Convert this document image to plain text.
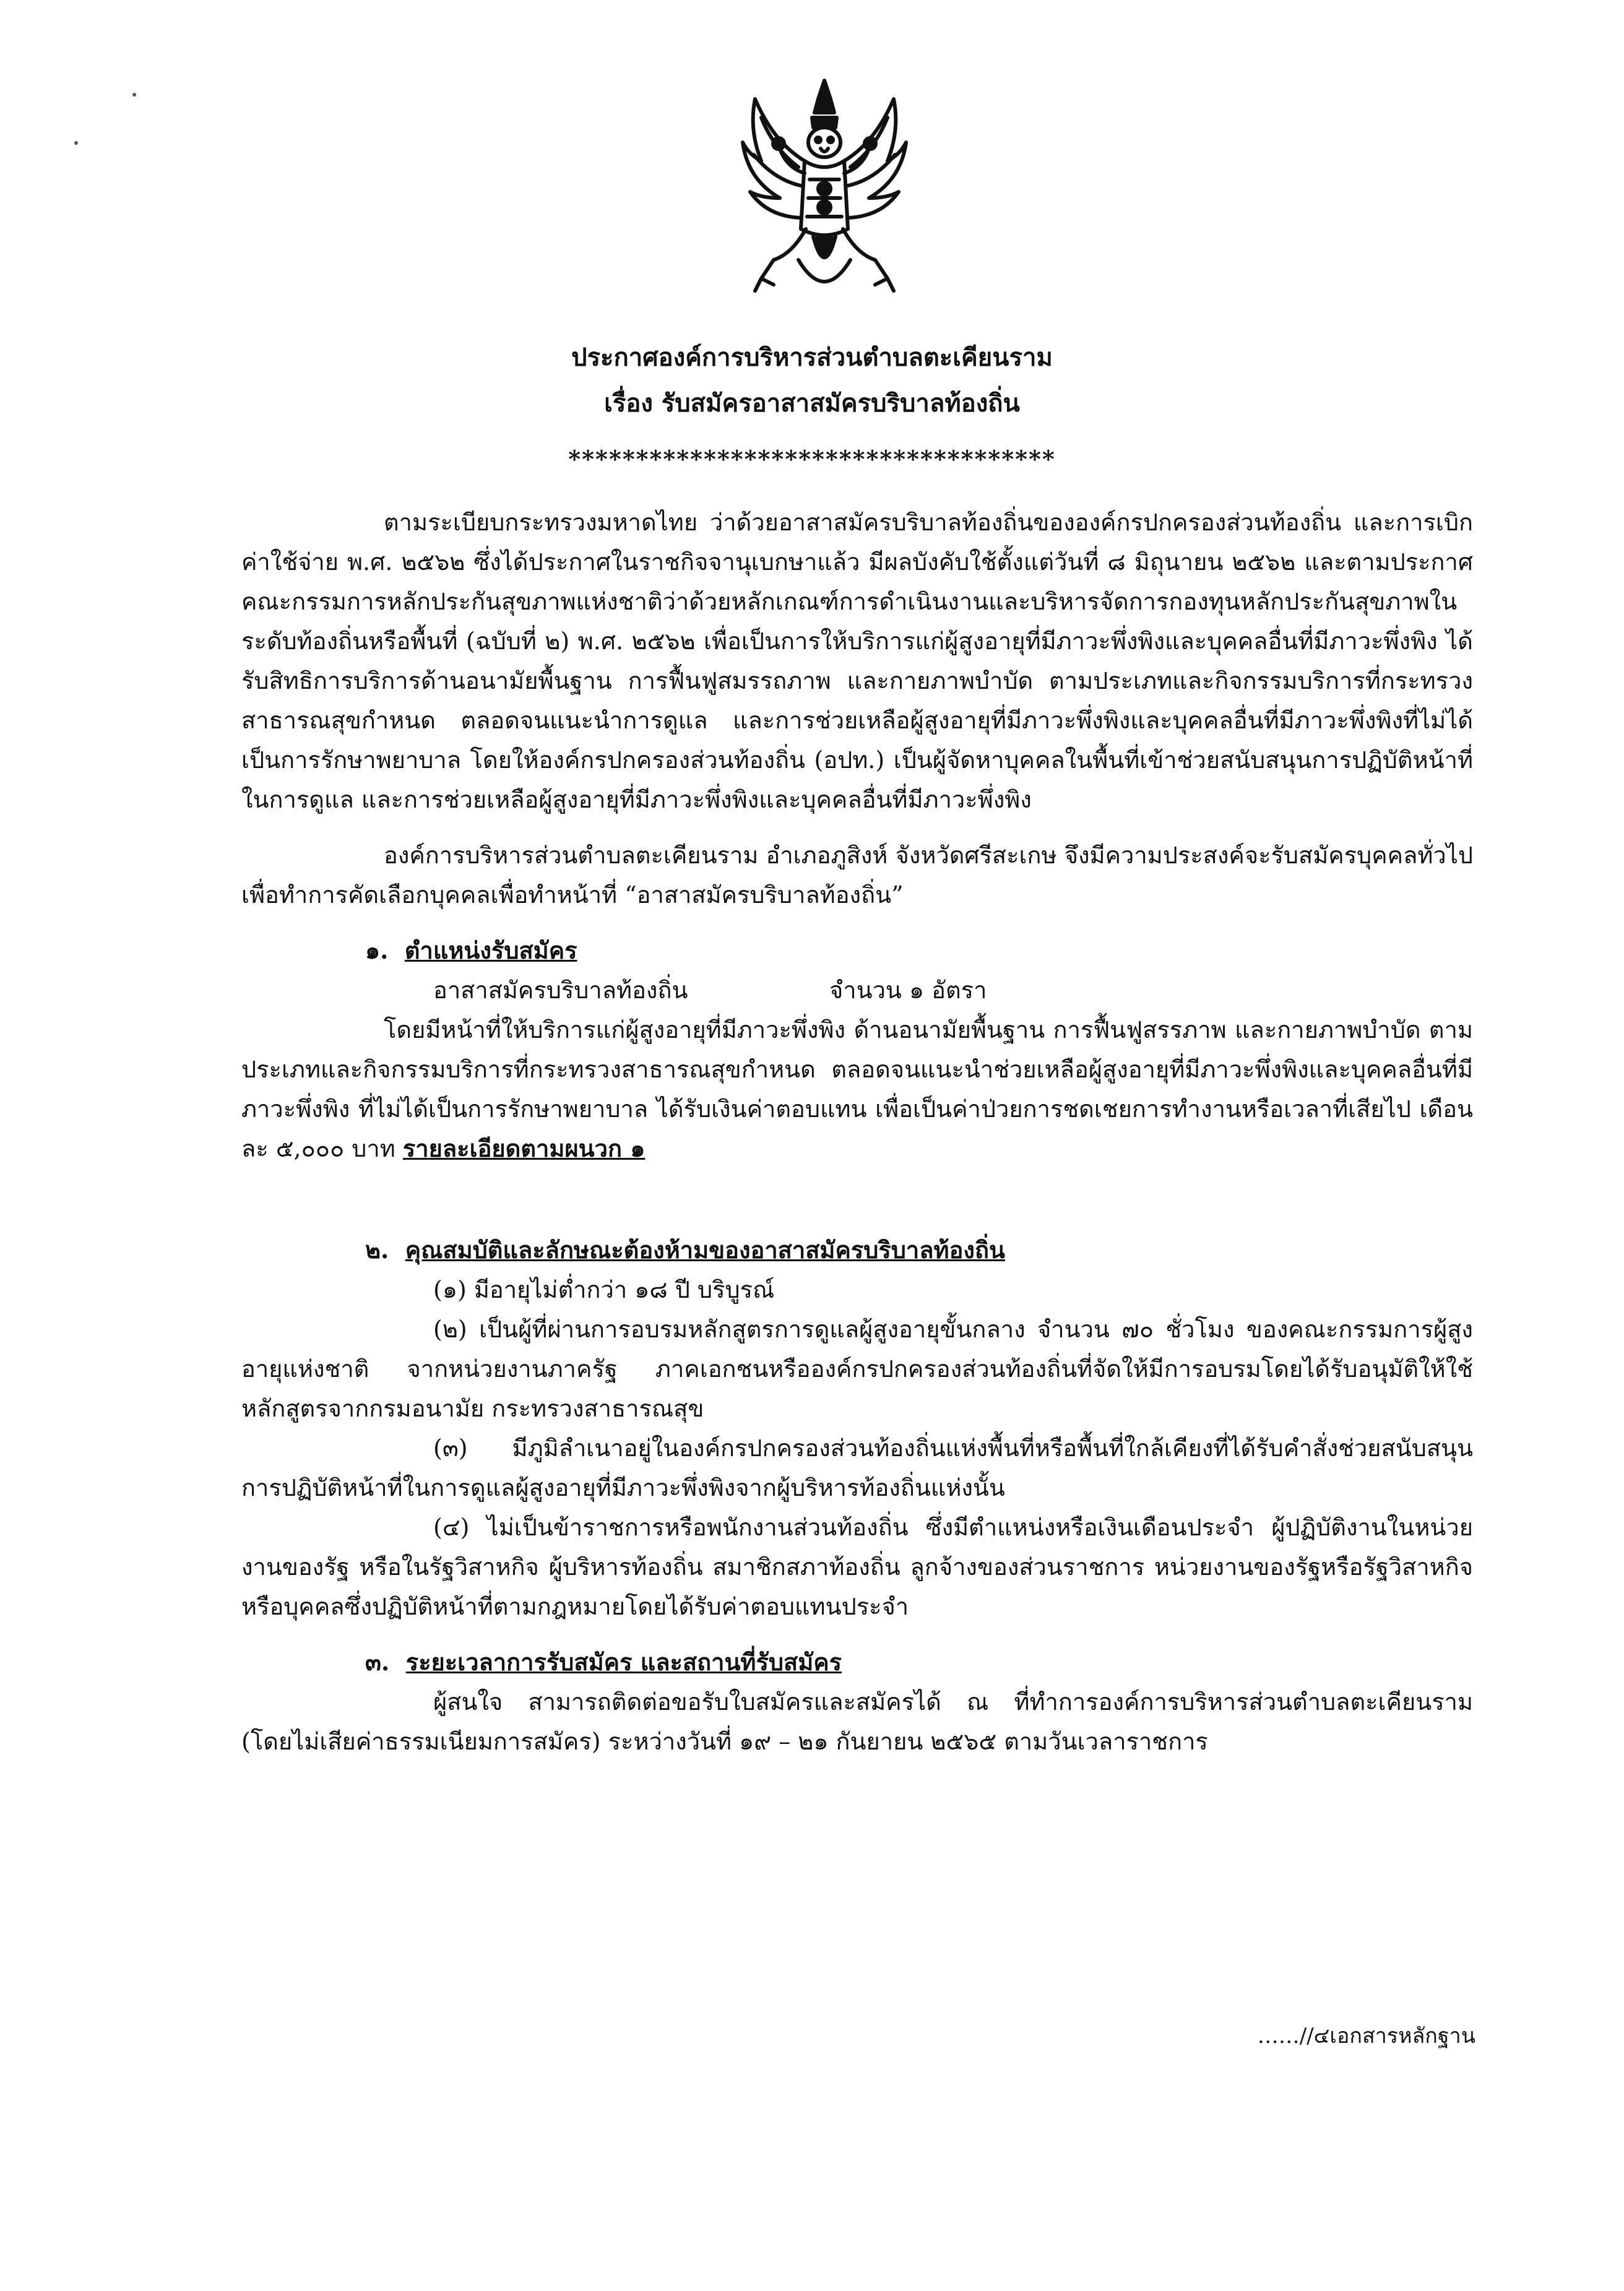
ประกาศองค์การบริหารส่วนตำบลตะเคียนราม
เรื่อง รับสมัครอาสาสมัครบริบาลท้องถิ่น
************************************

ตามระเบียบกระทรวงมหาดไทย ว่าด้วยอาสาสมัครบริบาลท้องถิ่นขององค์กรปกครองส่วนท้องถิ่น และการเบิกค่าใช้จ่าย พ.ศ. ๒๕๖๒ ซึ่งได้ประกาศในราชกิจจานุเบกษาแล้ว มีผลบังคับใช้ตั้งแต่วันที่ ๘ มิถุนายน ๒๕๖๒ และตามประกาศคณะกรรมการหลักประกันสุขภาพแห่งชาติว่าด้วยหลักเกณฑ์การดำเนินงานและบริหารจัดการกองทุนหลักประกันสุขภาพในระดับท้องถิ่นหรือพื้นที่ (ฉบับที่ ๒) พ.ศ. ๒๕๖๒ เพื่อเป็นการให้บริการแก่ผู้สูงอายุที่มีภาวะพึ่งพิงและบุคคลอื่นที่มีภาวะพึ่งพิง ได้รับสิทธิการบริการด้านอนามัยพื้นฐาน การฟื้นฟูสมรรถภาพ และกายภาพบำบัด ตามประเภทและกิจกรรมบริการที่กระทรวงสาธารณสุขกำหนด ตลอดจนแนะนำการดูแล และการช่วยเหลือผู้สูงอายุที่มีภาวะพึ่งพิงและบุคคลอื่นที่มีภาวะพึ่งพิงที่ไม่ได้เป็นการรักษาพยาบาล โดยให้องค์กรปกครองส่วนท้องถิ่น (อปท.) เป็นผู้จัดหาบุคคลในพื้นที่เข้าช่วยสนับสนุนการปฏิบัติหน้าที่ในการดูแล และการช่วยเหลือผู้สูงอายุที่มีภาวะพึ่งพิงและบุคคลอื่นที่มีภาวะพึ่งพิง

องค์การบริหารส่วนตำบลตะเคียนราม อำเภอภูสิงห์ จังหวัดศรีสะเกษ จึงมีความประสงค์จะรับสมัครบุคคลทั่วไปเพื่อทำการคัดเลือกบุคคลเพื่อทำหน้าที่ “อาสาสมัครบริบาลท้องถิ่น”

๑. ตำแหน่งรับสมัคร
อาสาสมัครบริบาลท้องถิ่น	จำนวน ๑ อัตรา

โดยมีหน้าที่ให้บริการแก่ผู้สูงอายุที่มีภาวะพึ่งพิง ด้านอนามัยพื้นฐาน การฟื้นฟูสรรภาพ และกายภาพบำบัด ตามประเภทและกิจกรรมบริการที่กระทรวงสาธารณสุขกำหนด ตลอดจนแนะนำช่วยเหลือผู้สูงอายุที่มีภาวะพึ่งพิงและบุคคลอื่นที่มีภาวะพึ่งพิง ที่ไม่ได้เป็นการรักษาพยาบาล ได้รับเงินค่าตอบแทน เพื่อเป็นค่าป่วยการชดเชยการทำงานหรือเวลาที่เสียไป เดือนละ ๕,๐๐๐ บาท รายละเอียดตามผนวก ๑

๒. คุณสมบัติและลักษณะต้องห้ามของอาสาสมัครบริบาลท้องถิ่น

(๑) มีอายุไม่ต่ำกว่า ๑๘ ปี บริบูรณ์

(๒) เป็นผู้ที่ผ่านการอบรมหลักสูตรการดูแลผู้สูงอายุขั้นกลาง จำนวน ๗๐ ชั่วโมง ของคณะกรรมการผู้สูงอายุแห่งชาติ จากหน่วยงานภาครัฐ ภาคเอกชนหรือองค์กรปกครองส่วนท้องถิ่นที่จัดให้มีการอบรมโดยได้รับอนุมัติให้ใช้หลักสูตรจากกรมอนามัย กระทรวงสาธารณสุข

(๓) มีภูมิลำเนาอยู่ในองค์กรปกครองส่วนท้องถิ่นแห่งพื้นที่หรือพื้นที่ใกล้เคียงที่ได้รับคำสั่งช่วยสนับสนุนการปฏิบัติหน้าที่ในการดูแลผู้สูงอายุที่มีภาวะพึ่งพิงจากผู้บริหารท้องถิ่นแห่งนั้น

(๔) ไม่เป็นข้าราชการหรือพนักงานส่วนท้องถิ่น ซึ่งมีตำแหน่งหรือเงินเดือนประจำ ผู้ปฏิบัติงานในหน่วยงานของรัฐ หรือในรัฐวิสาหกิจ ผู้บริหารท้องถิ่น สมาชิกสภาท้องถิ่น ลูกจ้างของส่วนราชการ หน่วยงานของรัฐหรือรัฐวิสาหกิจ หรือบุคคลซึ่งปฏิบัติหน้าที่ตามกฎหมายโดยได้รับค่าตอบแทนประจำ

๓. ระยะเวลาการรับสมัคร และสถานที่รับสมัคร

ผู้สนใจ สามารถติดต่อขอรับใบสมัครและสมัครได้ ณ ที่ทำการองค์การบริหารส่วนตำบลตะเคียนราม (โดยไม่เสียค่าธรรมเนียมการสมัคร) ระหว่างวันที่ ๑๙ – ๒๑ กันยายน ๒๕๖๕ ตามวันเวลาราชการ

……//๔เอกสารหลักฐาน
